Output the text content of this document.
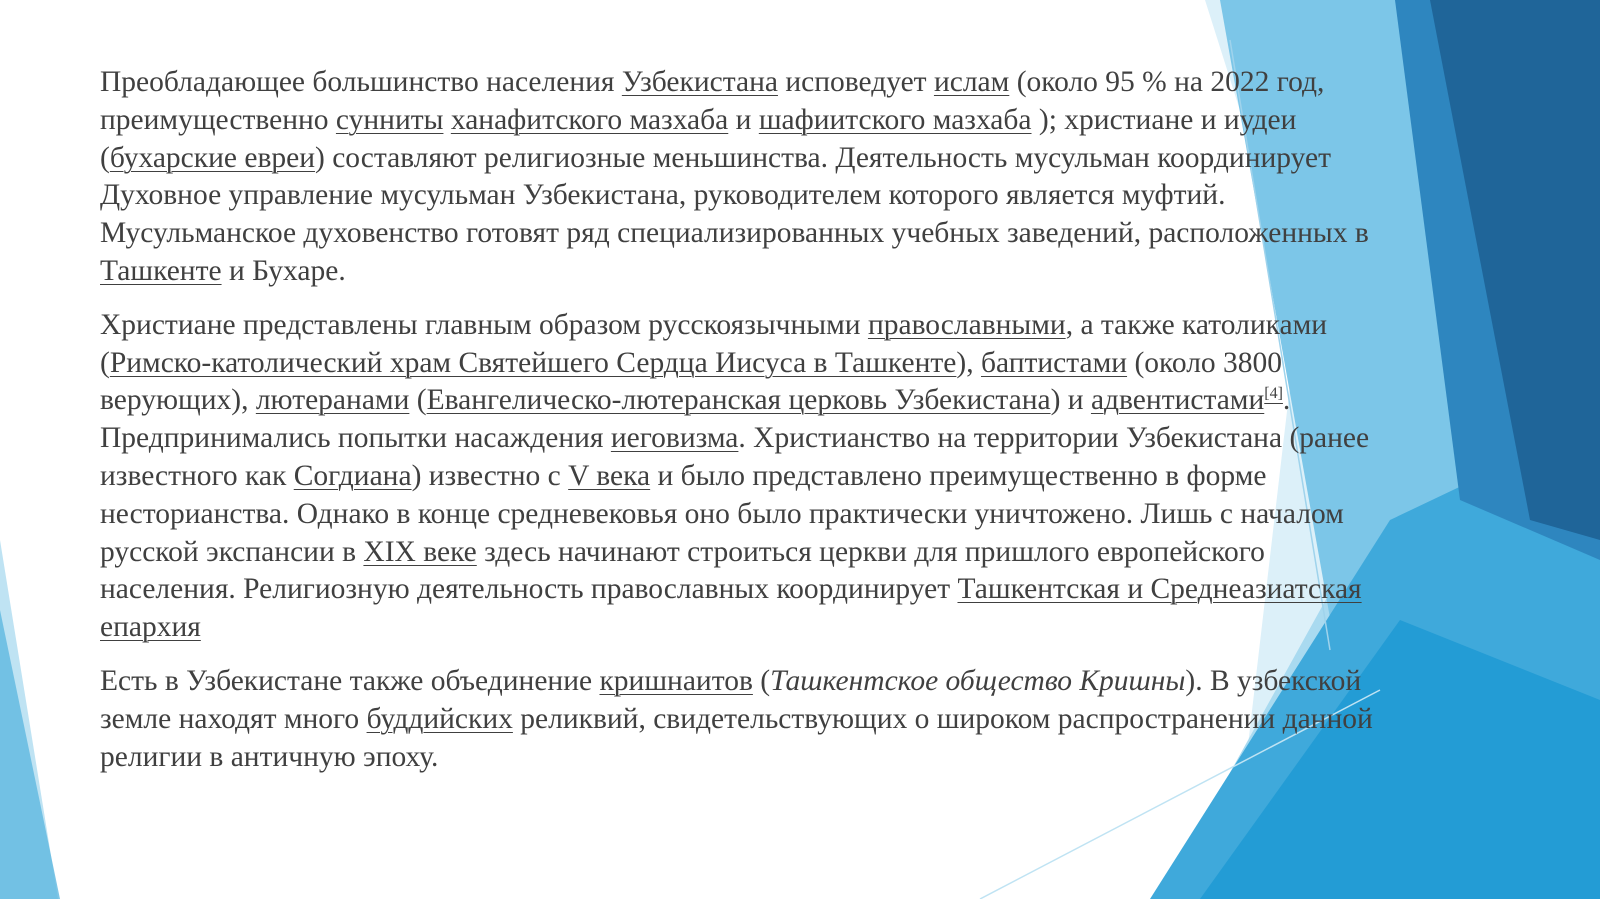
Преобладающее большинство населения Узбекистана исповедует ислам (около 95 % на 2022 год, преимущественно сунниты ханафитского мазхаба и шафиитского мазхаба ); христиане и иудеи (бухарские евреи) составляют религиозные меньшинства. Деятельность мусульман координирует Духовное управление мусульман Узбекистана, руководителем которого является муфтий. Мусульманское духовенство готовят ряд специализированных учебных заведений, расположенных в Ташкенте и Бухаре.

Христиане представлены главным образом русскоязычными православными, а также католиками (Римско-католический храм Святейшего Сердца Иисуса в Ташкенте), баптистами (около 3800 верующих), лютеранами (Евангелическо-лютеранская церковь Узбекистана) и адвентистами[4]. Предпринимались попытки насаждения иеговизма. Христианство на территории Узбекистана (ранее известного как Согдиана) известно с V века и было представлено преимущественно в форме несторианства. Однако в конце средневековья оно было практически уничтожено. Лишь с началом русской экспансии в XIX веке здесь начинают строиться церкви для пришлого европейского населения. Религиозную деятельность православных координирует Ташкентская и Среднеазиатская епархия

Есть в Узбекистане также объединение кришнаитов (Ташкентское общество Кришны). В узбекской земле находят много буддийских реликвий, свидетельствующих о широком распространении данной религии в античную эпоху.
